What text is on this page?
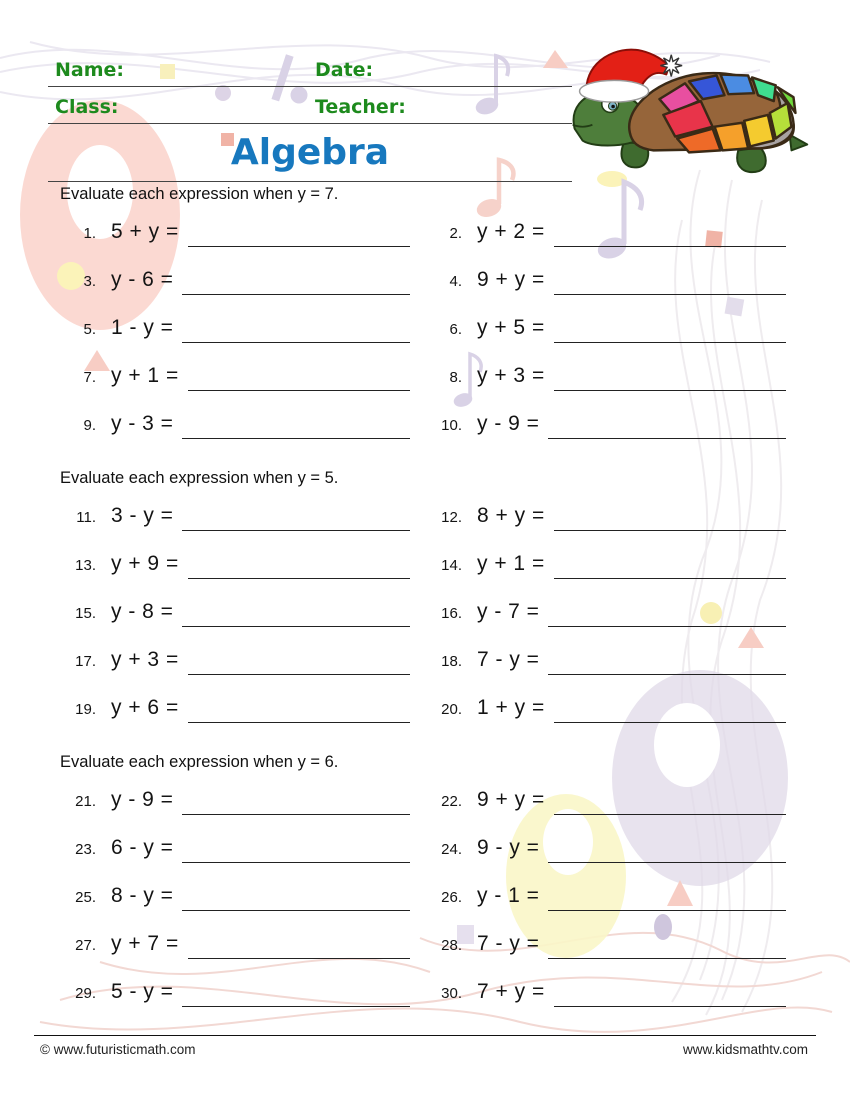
Name:	Date:
Class:	Teacher:
Algebra

Evaluate each expression when y = 7.

1. 5 + y =	2. y + 2 =
3. y - 6 =	4. 9 + y =
5. 1 - y =	6. y + 5 =
7. y + 1 =	8. y + 3 =
9. y - 3 =	10. y - 9 =

Evaluate each expression when y = 5.

11. 3 - y =	12. 8 + y =
13. y + 9 =	14. y + 1 =
15. y - 8 =	16. y - 7 =
17. y + 3 =	18. 7 - y =
19. y + 6 =	20. 1 + y =

Evaluate each expression when y = 6.

21. y - 9 =	22. 9 + y =
23. 6 - y =	24. 9 - y =
25. 8 - y =	26. y - 1 =
27. y + 7 =	28. 7 - y =
29. 5 - y =	30. 7 + y =
© www.futuristicmath.com	www.kidsmathtv.com
